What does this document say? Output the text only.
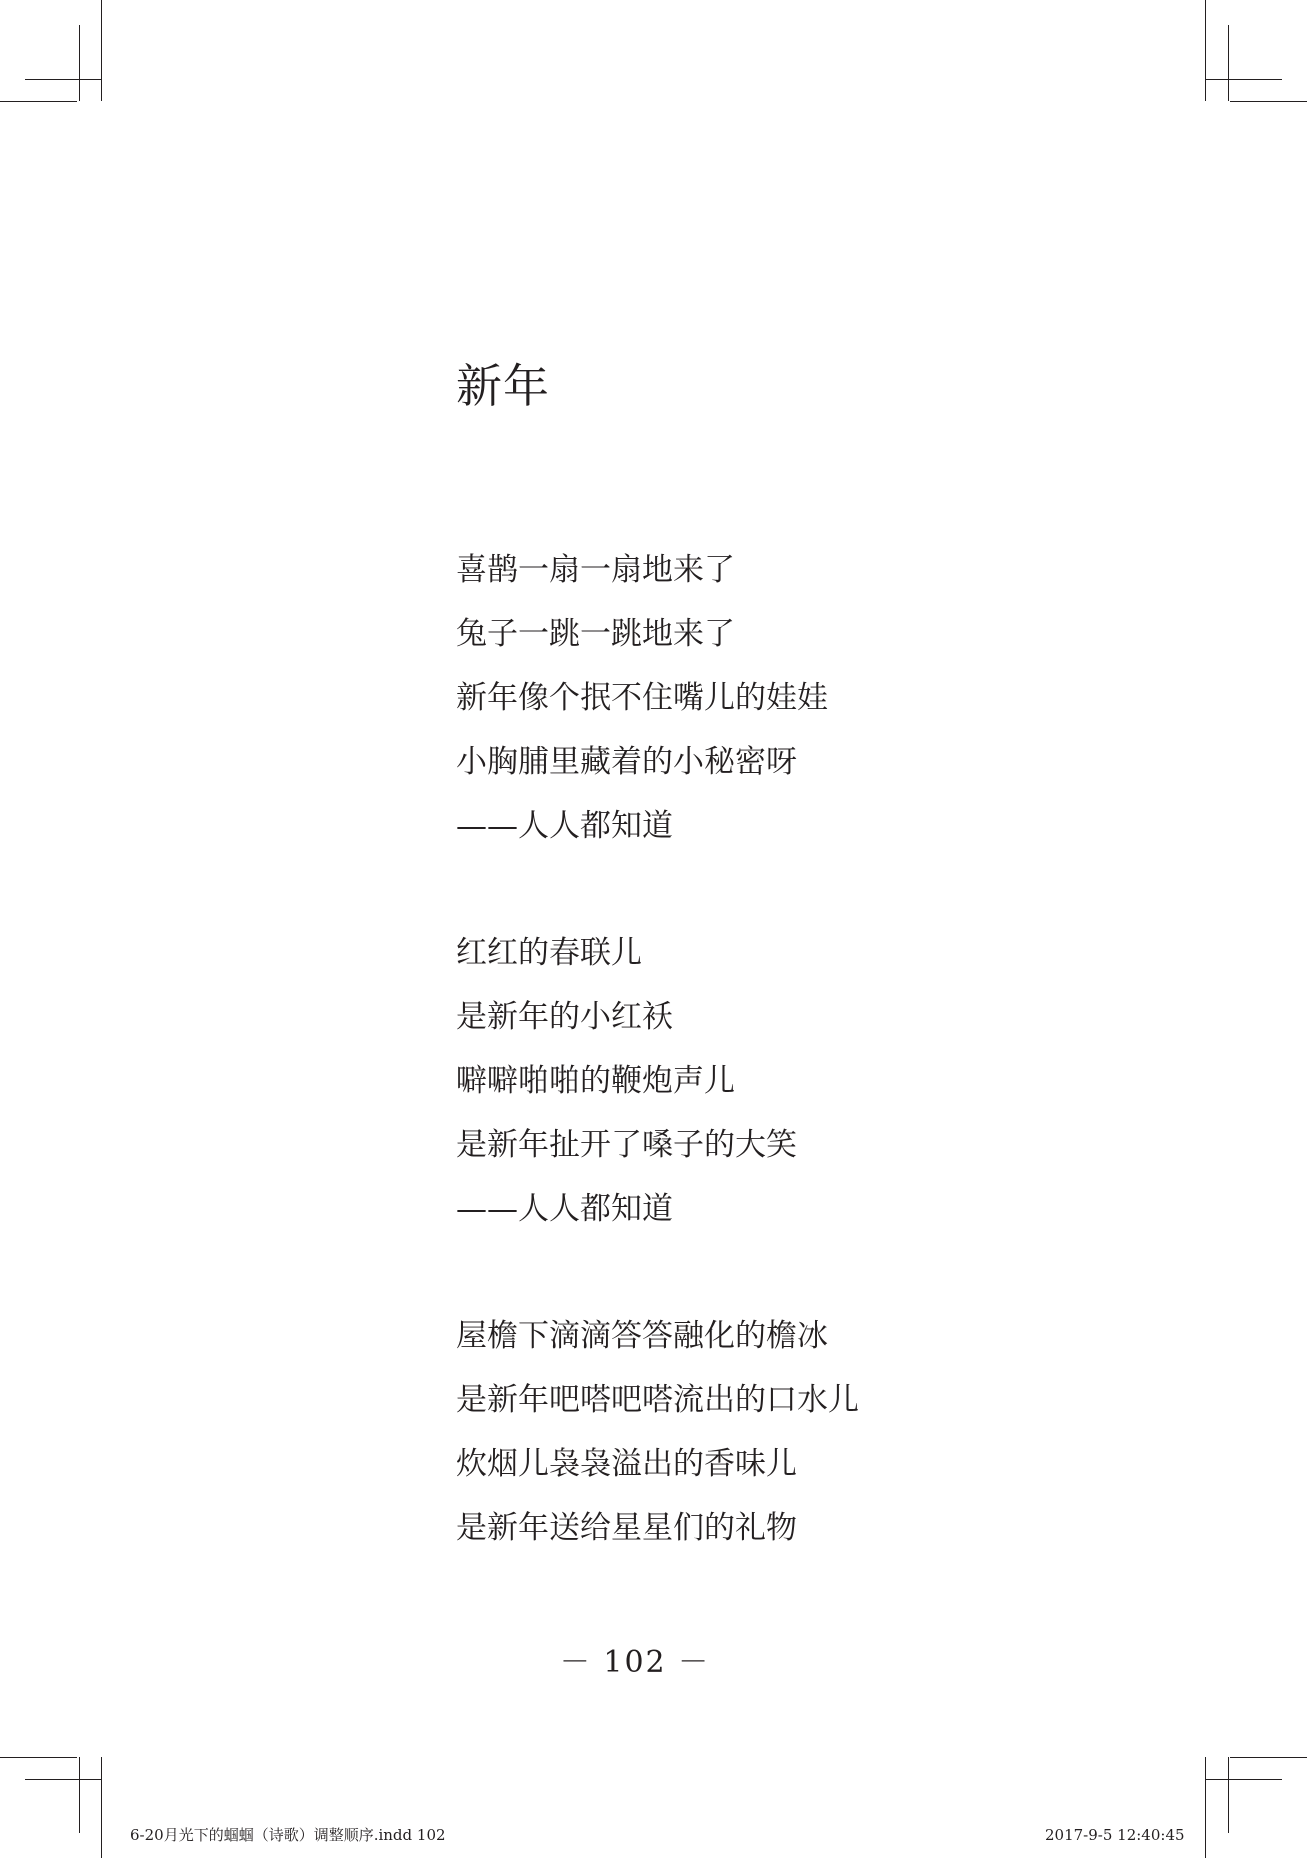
新年
喜鹊一扇一扇地来了
兔子一跳一跳地来了
新年像个抿不住嘴儿的娃娃
小胸脯里藏着的小秘密呀
——人人都知道
红红的春联儿
是新年的小红袄
噼噼啪啪的鞭炮声儿
是新年扯开了嗓子的大笑
——人人都知道
屋檐下滴滴答答融化的檐冰
是新年吧嗒吧嗒流出的口水儿
炊烟儿袅袅溢出的香味儿
是新年送给星星们的礼物
－ 102 －
6-20月光下的蝈蝈（诗歌）调整顺序.indd 102	2017-9-5 12:40:45
